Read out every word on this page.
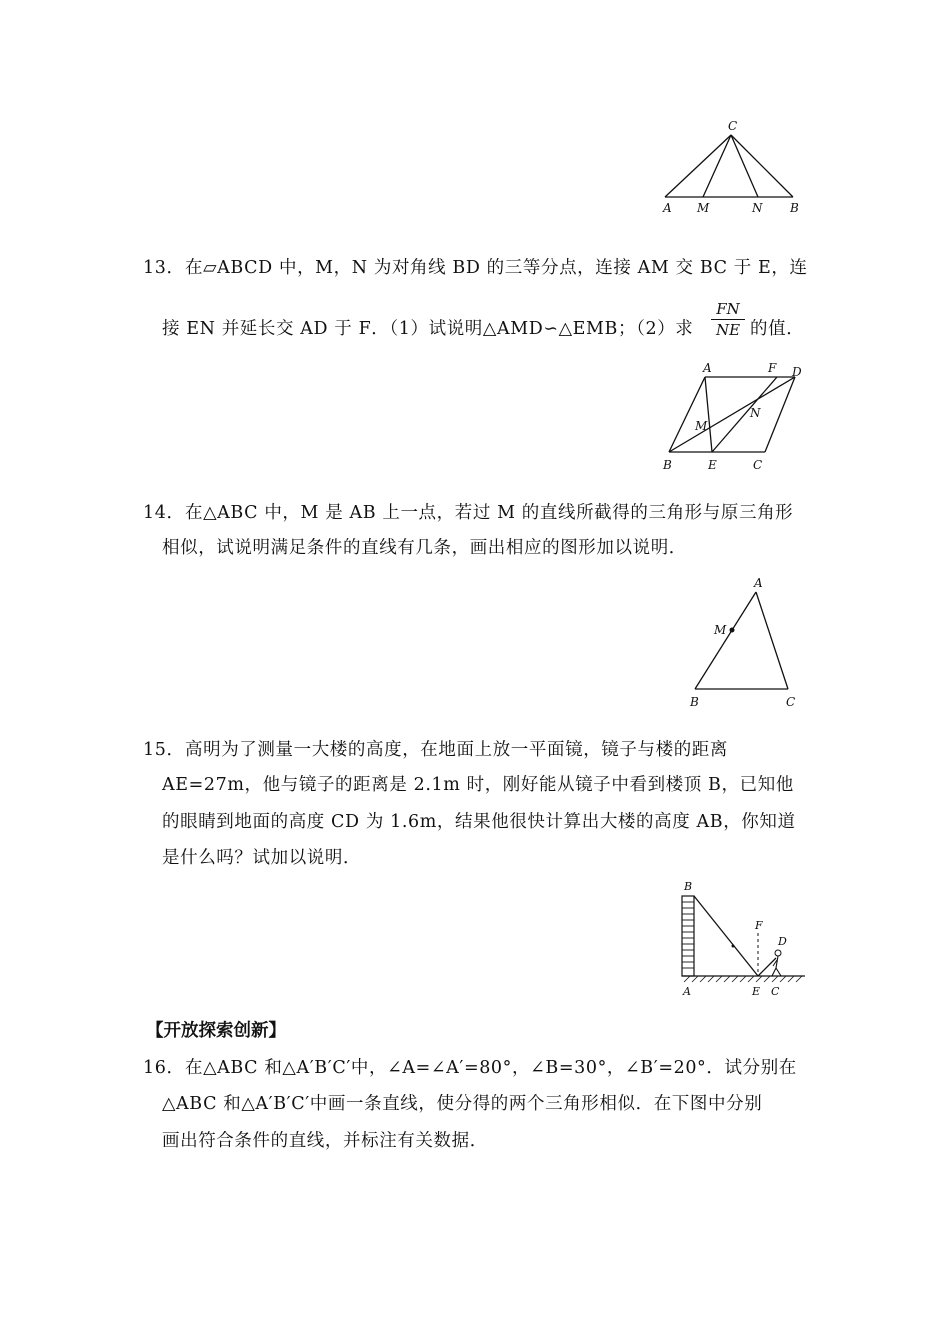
C
A M	N B
13． 在▱ABCD 中，M，N 为对角线 BD 的三等分点，连接 AM 交 BC 于 E，连
接 EN 并延长交 AD 于 F．（1）试说明△AMD∽△EMB；（2）求 $\frac{FN}{NE}$ 的值．
A	F D
N
M
B	E	C
14． 在△ABC 中，M 是 AB 上一点，若过 M 的直线所截得的三角形与原三角形
相似，试说明满足条件的直线有几条，画出相应的图形加以说明．
A
M
B	C
15． 高明为了测量一大楼的高度，在地面上放一平面镜，镜子与楼的距离
AE=27m，他与镜子的距离是 2.1m 时，刚好能从镜子中看到楼顶 B，已知他
的眼睛到地面的高度 CD 为 1.6m，结果他很快计算出大楼的高度 AB，你知道
是什么吗？试加以说明．
B
F
D
A	E C
【开放探索创新】
16． 在△ABC 和△A′B′C′中，∠A=∠A′=80°，∠B=30°，∠B′=20°．试分别在
△ABC 和△A′B′C′中画一条直线，使分得的两个三角形相似．在下图中分别
画出符合条件的直线，并标注有关数据．
